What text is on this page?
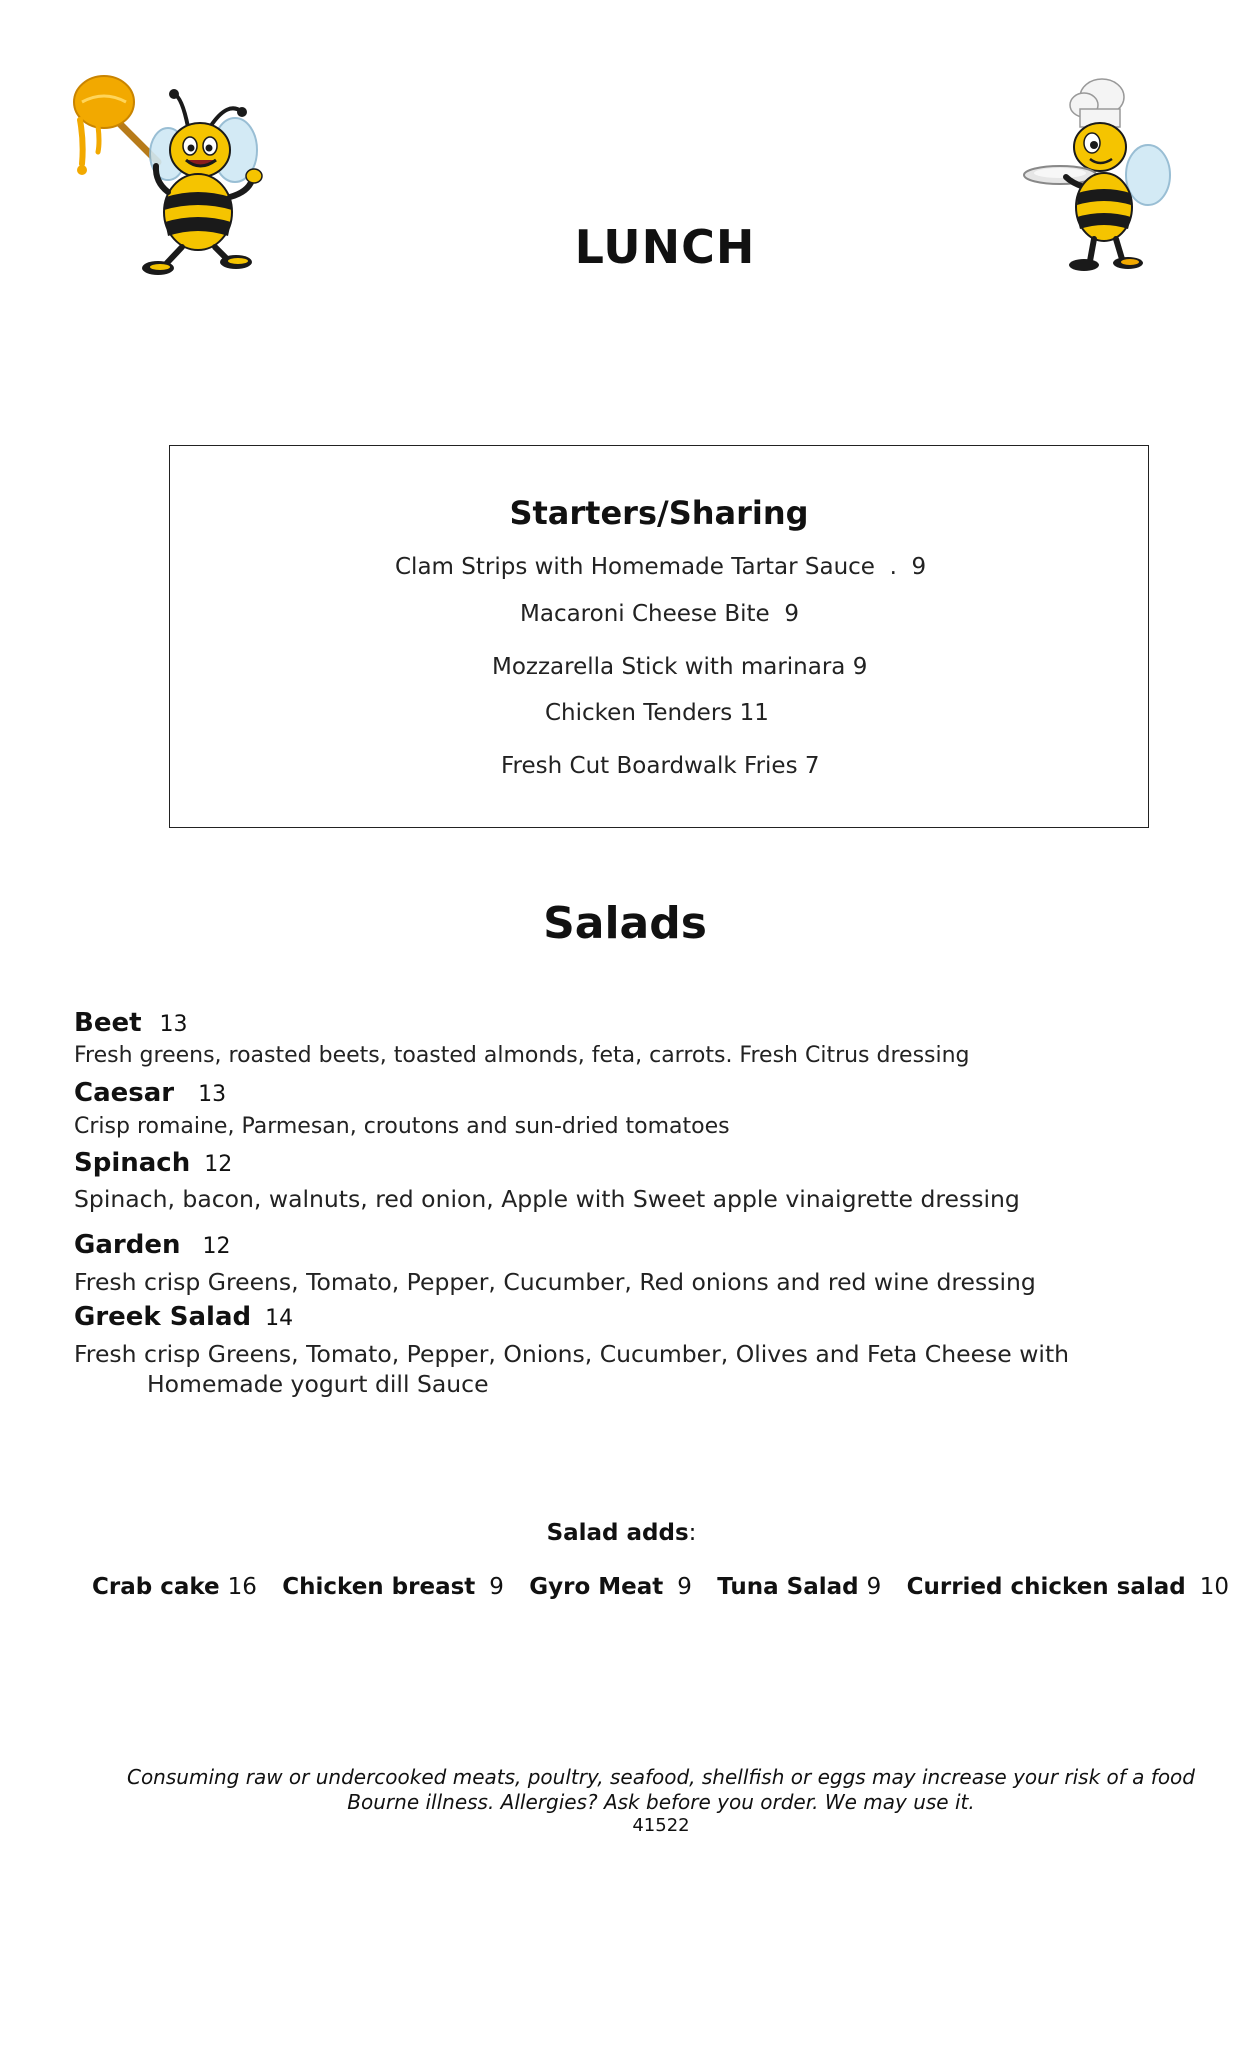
LUNCH
Starters/Sharing
Clam Strips with Homemade Tartar Sauce  .  9
Macaroni Cheese Bite  9
Mozzarella Stick with marinara 9
Chicken Tenders 11
Fresh Cut Boardwalk Fries 7
Salads
Beet 13
Fresh greens, roasted beets, toasted almonds, feta, carrots. Fresh Citrus dressing
Caesar 13
Crisp romaine, Parmesan, croutons and sun-dried tomatoes
Spinach 12
Spinach, bacon, walnuts, red onion, Apple with Sweet apple vinaigrette dressing
Garden 12
Fresh crisp Greens, Tomato, Pepper, Cucumber, Red onions and red wine dressing
Greek Salad 14
Fresh crisp Greens, Tomato, Pepper, Onions, Cucumber, Olives and Feta Cheese with
Homemade yogurt dill Sauce
Salad adds:
Crab cake 16 Chicken breast 9 Gyro Meat 9 Tuna Salad 9 Curried chicken salad 10
Consuming raw or undercooked meats, poultry, seafood, shellfish or eggs may increase your risk of a food
Bourne illness. Allergies? Ask before you order. We may use it.
41522
